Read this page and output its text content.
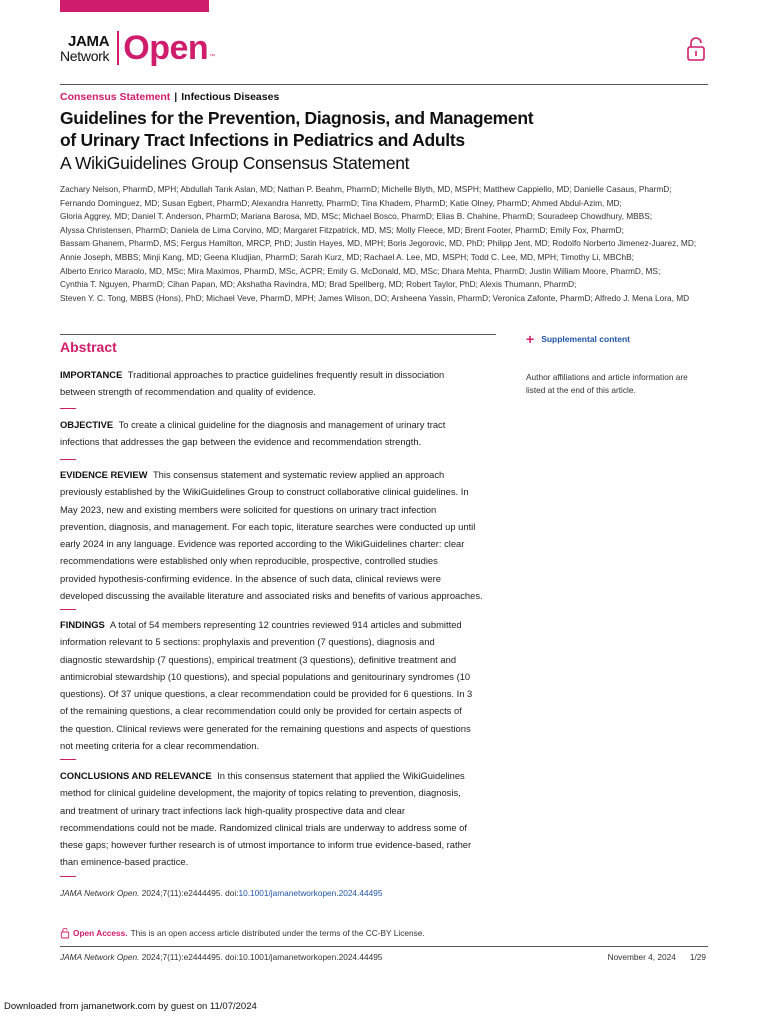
JAMA
Network Open ™
Consensus Statement | Infectious Diseases
Guidelines for the Prevention, Diagnosis, and Management
of Urinary Tract Infections in Pediatrics and Adults
A WikiGuidelines Group Consensus Statement
Zachary Nelson, PharmD, MPH; Abdullah Tarık Aslan, MD; Nathan P. Beahm, PharmD; Michelle Blyth, MD, MSPH; Matthew Cappiello, MD; Danielle Casaus, PharmD;
Fernando Dominguez, MD; Susan Egbert, PharmD; Alexandra Hanretty, PharmD; Tina Khadem, PharmD; Katie Olney, PharmD; Ahmed Abdul-Azim, MD;
Gloria Aggrey, MD; Daniel T. Anderson, PharmD; Mariana Barosa, MD, MSc; Michael Bosco, PharmD; Elias B. Chahine, PharmD; Souradeep Chowdhury, MBBS;
Alyssa Christensen, PharmD; Daniela de Lima Corvino, MD; Margaret Fitzpatrick, MD, MS; Molly Fleece, MD; Brent Footer, PharmD; Emily Fox, PharmD;
Bassam Ghanem, PharmD, MS; Fergus Hamilton, MRCP, PhD; Justin Hayes, MD, MPH; Boris Jegorovic, MD, PhD; Philipp Jent, MD; Rodolfo Norberto Jimenez-Juarez, MD;
Annie Joseph, MBBS; Minji Kang, MD; Geena Kludjian, PharmD; Sarah Kurz, MD; Rachael A. Lee, MD, MSPH; Todd C. Lee, MD, MPH; Timothy Li, MBChB;
Alberto Enrico Maraolo, MD, MSc; Mira Maximos, PharmD, MSc, ACPR; Emily G. McDonald, MD, MSc; Dhara Mehta, PharmD; Justin William Moore, PharmD, MS;
Cynthia T. Nguyen, PharmD; Cihan Papan, MD; Akshatha Ravindra, MD; Brad Spellberg, MD; Robert Taylor, PhD; Alexis Thumann, PharmD;
Steven Y. C. Tong, MBBS (Hons), PhD; Michael Veve, PharmD, MPH; James Wilson, DO; Arsheena Yassin, PharmD; Veronica Zafonte, PharmD; Alfredo J. Mena Lora, MD
Abstract
IMPORTANCE Traditional approaches to practice guidelines frequently result in dissociation
between strength of recommendation and quality of evidence.
OBJECTIVE To create a clinical guideline for the diagnosis and management of urinary tract
infections that addresses the gap between the evidence and recommendation strength.
EVIDENCE REVIEW This consensus statement and systematic review applied an approach
previously established by the WikiGuidelines Group to construct collaborative clinical guidelines. In
May 2023, new and existing members were solicited for questions on urinary tract infection
prevention, diagnosis, and management. For each topic, literature searches were conducted up until
early 2024 in any language. Evidence was reported according to the WikiGuidelines charter: clear
recommendations were established only when reproducible, prospective, controlled studies
provided hypothesis-confirming evidence. In the absence of such data, clinical reviews were
developed discussing the available literature and associated risks and benefits of various approaches.
FINDINGS A total of 54 members representing 12 countries reviewed 914 articles and submitted
information relevant to 5 sections: prophylaxis and prevention (7 questions), diagnosis and
diagnostic stewardship (7 questions), empirical treatment (3 questions), definitive treatment and
antimicrobial stewardship (10 questions), and special populations and genitourinary syndromes (10
questions). Of 37 unique questions, a clear recommendation could be provided for 6 questions. In 3
of the remaining questions, a clear recommendation could only be provided for certain aspects of
the question. Clinical reviews were generated for the remaining questions and aspects of questions
not meeting criteria for a clear recommendation.
CONCLUSIONS AND RELEVANCE In this consensus statement that applied the WikiGuidelines
method for clinical guideline development, the majority of topics relating to prevention, diagnosis,
and treatment of urinary tract infections lack high-quality prospective data and clear
recommendations could not be made. Randomized clinical trials are underway to address some of
these gaps; however further research is of utmost importance to inform true evidence-based, rather
than eminence-based practice.
JAMA Network Open. 2024;7(11):e2444495. doi:10.1001/jamanetworkopen.2024.44495
Open Access. This is an open access article distributed under the terms of the CC-BY License.
JAMA Network Open. 2024;7(11):e2444495. doi:10.1001/jamanetworkopen.2024.44495	November 4, 2024 1/29
+ Supplemental content
Author affiliations and article information are listed at the end of this article.
Downloaded from jamanetwork.com by guest on 11/07/2024
